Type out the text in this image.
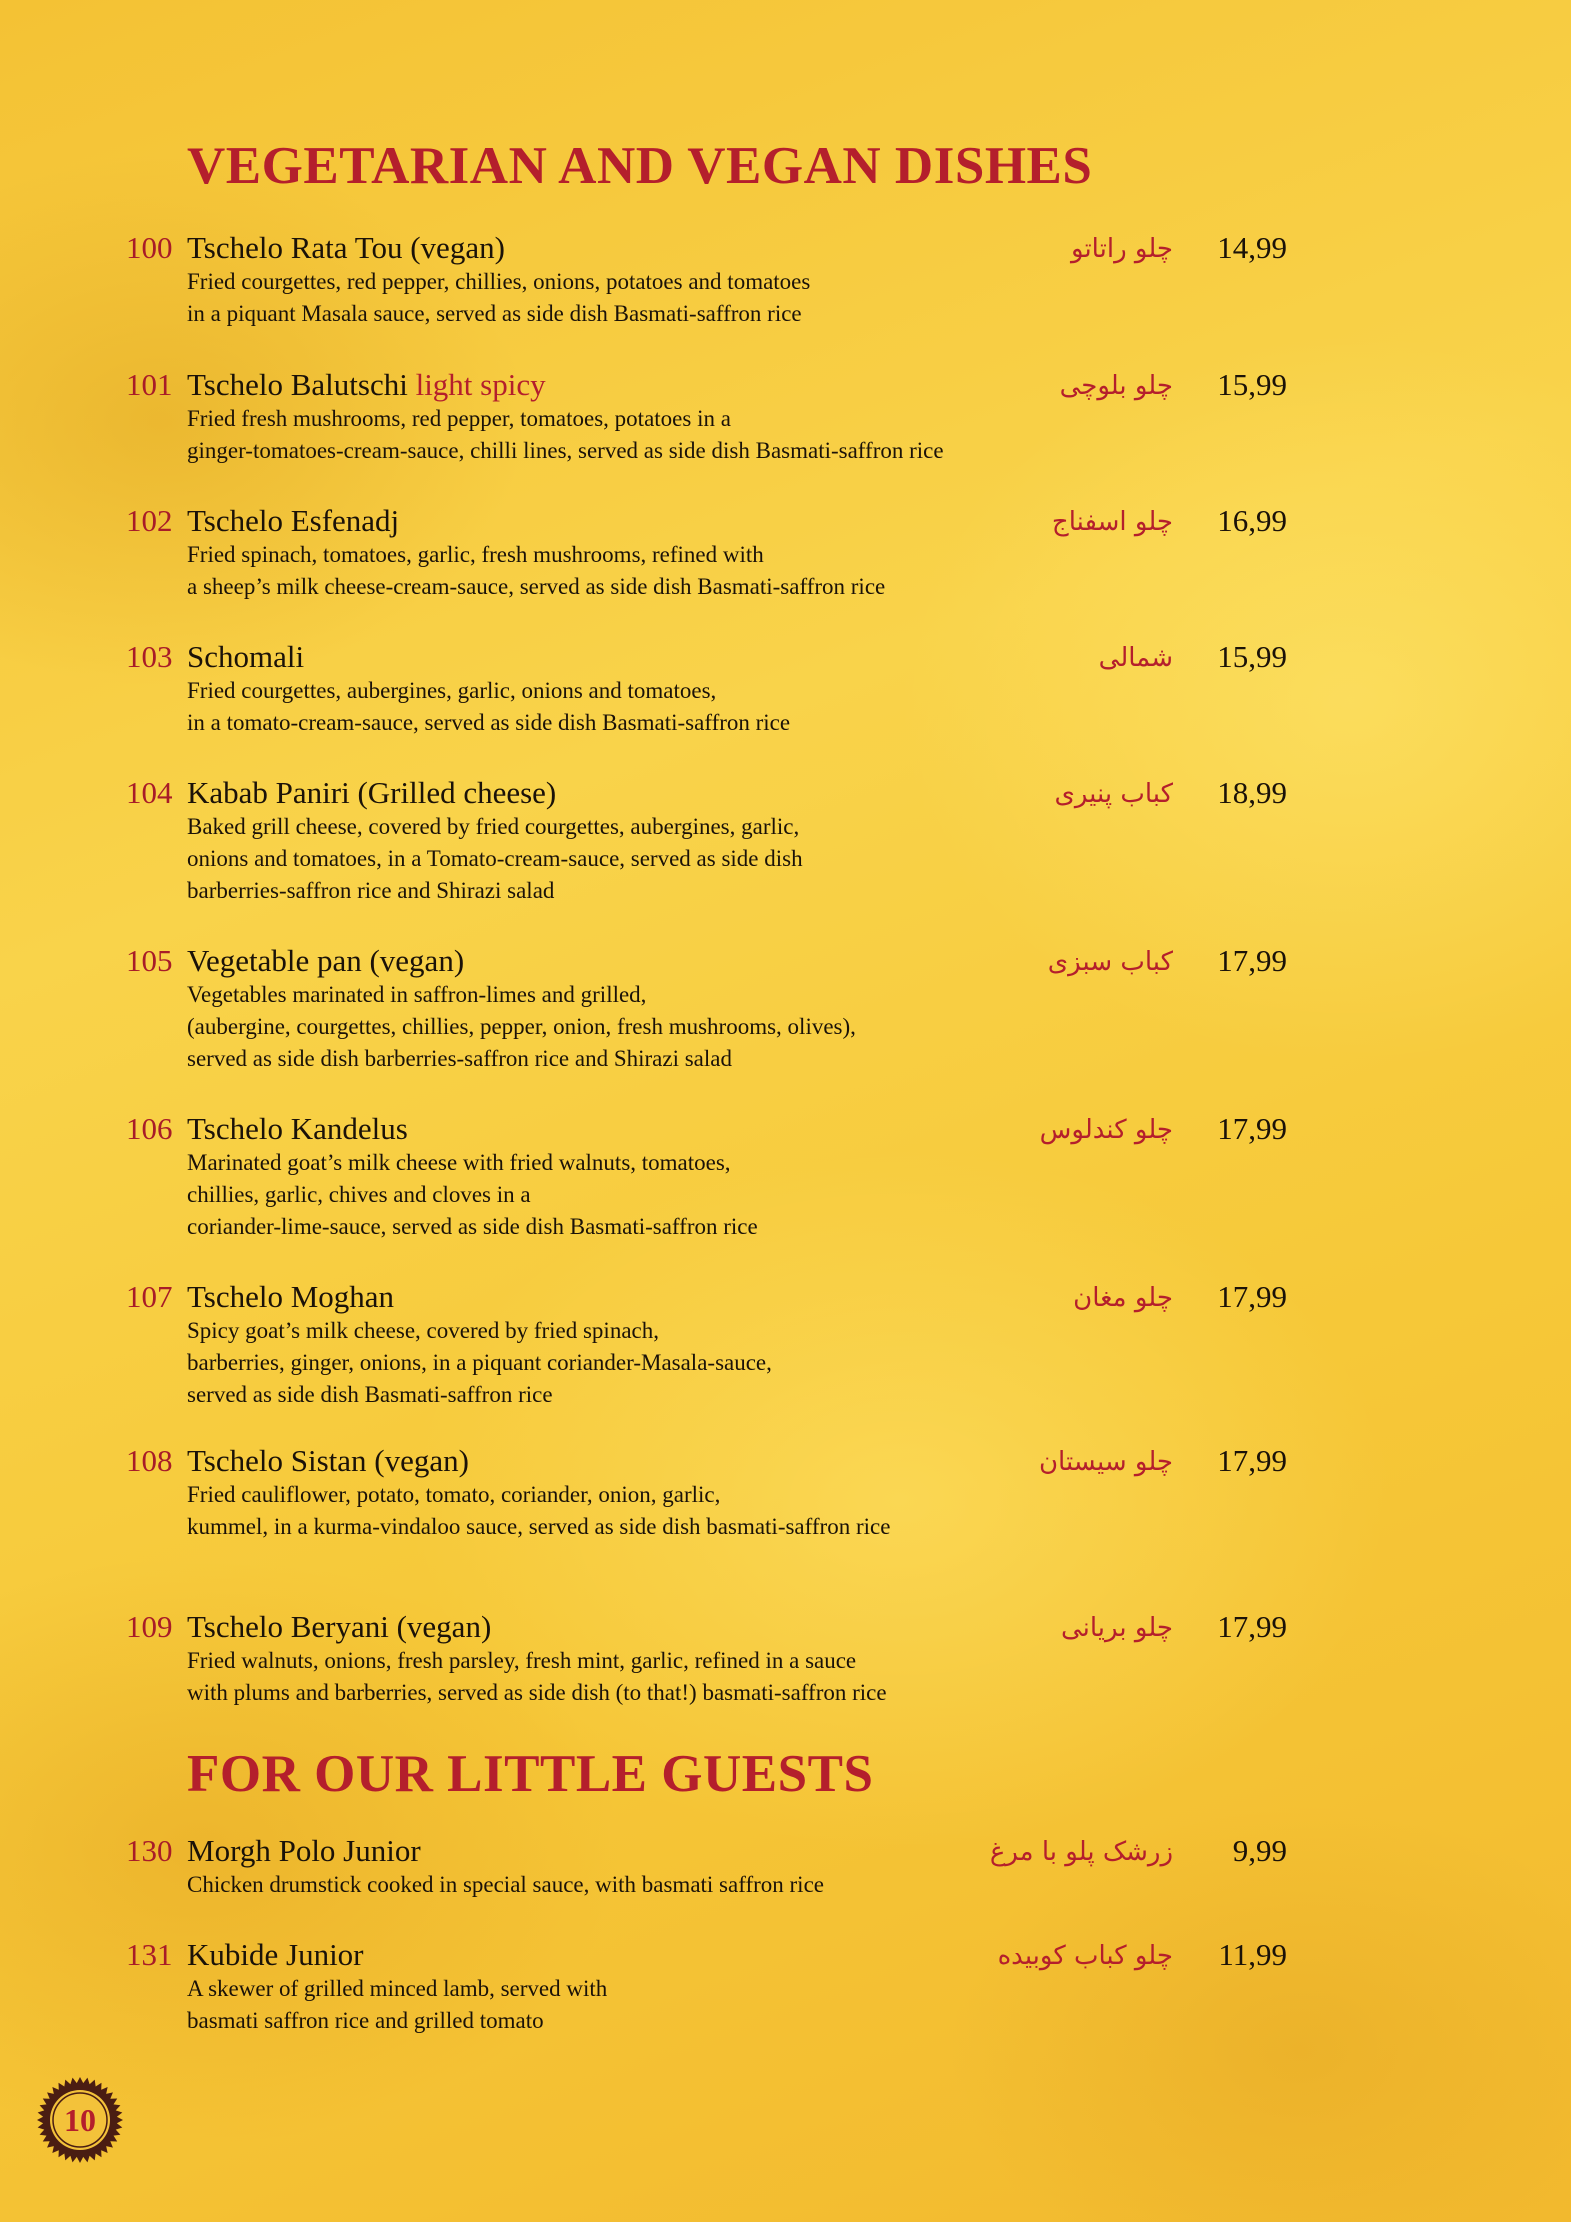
VEGETARIAN AND VEGAN DISHES
100 Tschelo Rata Tou (vegan)	چلو راتاتو 14,99
Fried courgettes, red pepper, chillies, onions, potatoes and tomatoes
in a piquant Masala sauce, served as side dish Basmati-saffron rice
101 Tschelo Balutschi light spicy	چلو بلوچی 15,99
Fried fresh mushrooms, red pepper, tomatoes, potatoes in a
ginger-tomatoes-cream-sauce, chilli lines, served as side dish Basmati-saffron rice
102 Tschelo Esfenadj	چلو اسفناج 16,99
Fried spinach, tomatoes, garlic, fresh mushrooms, refined with
a sheep’s milk cheese-cream-sauce, served as side dish Basmati-saffron rice
103 Schomali	شمالی 15,99
Fried courgettes, aubergines, garlic, onions and tomatoes,
in a tomato-cream-sauce, served as side dish Basmati-saffron rice
104 Kabab Paniri (Grilled cheese)	کباب پنیری 18,99
Baked grill cheese, covered by fried courgettes, aubergines, garlic,
onions and tomatoes, in a Tomato-cream-sauce, served as side dish
barberries-saffron rice and Shirazi salad
105 Vegetable pan (vegan)	کباب سبزی 17,99
Vegetables marinated in saffron-limes and grilled,
(aubergine, courgettes, chillies, pepper, onion, fresh mushrooms, olives),
served as side dish barberries-saffron rice and Shirazi salad
106 Tschelo Kandelus	چلو کندلوس 17,99
Marinated goat’s milk cheese with fried walnuts, tomatoes,
chillies, garlic, chives and cloves in a
coriander-lime-sauce, served as side dish Basmati-saffron rice
107 Tschelo Moghan	چلو مغان 17,99
Spicy goat’s milk cheese, covered by fried spinach,
barberries, ginger, onions, in a piquant coriander-Masala-sauce,
served as side dish Basmati-saffron rice
108 Tschelo Sistan (vegan)	چلو سیستان 17,99
Fried cauliflower, potato, tomato, coriander, onion, garlic,
kummel, in a kurma-vindaloo sauce, served as side dish basmati-saffron rice
109 Tschelo Beryani (vegan)	چلو بریانی 17,99
Fried walnuts, onions, fresh parsley, fresh mint, garlic, refined in a sauce
with plums and barberries, served as side dish (to that!) basmati-saffron rice
FOR OUR LITTLE GUESTS
130 Morgh Polo Junior	زرشک پلو با مرغ 9,99
Chicken drumstick cooked in special sauce, with basmati saffron rice
131 Kubide Junior	چلو کباب کوبیده 11,99
A skewer of grilled minced lamb, served with
basmati saffron rice and grilled tomato
10
